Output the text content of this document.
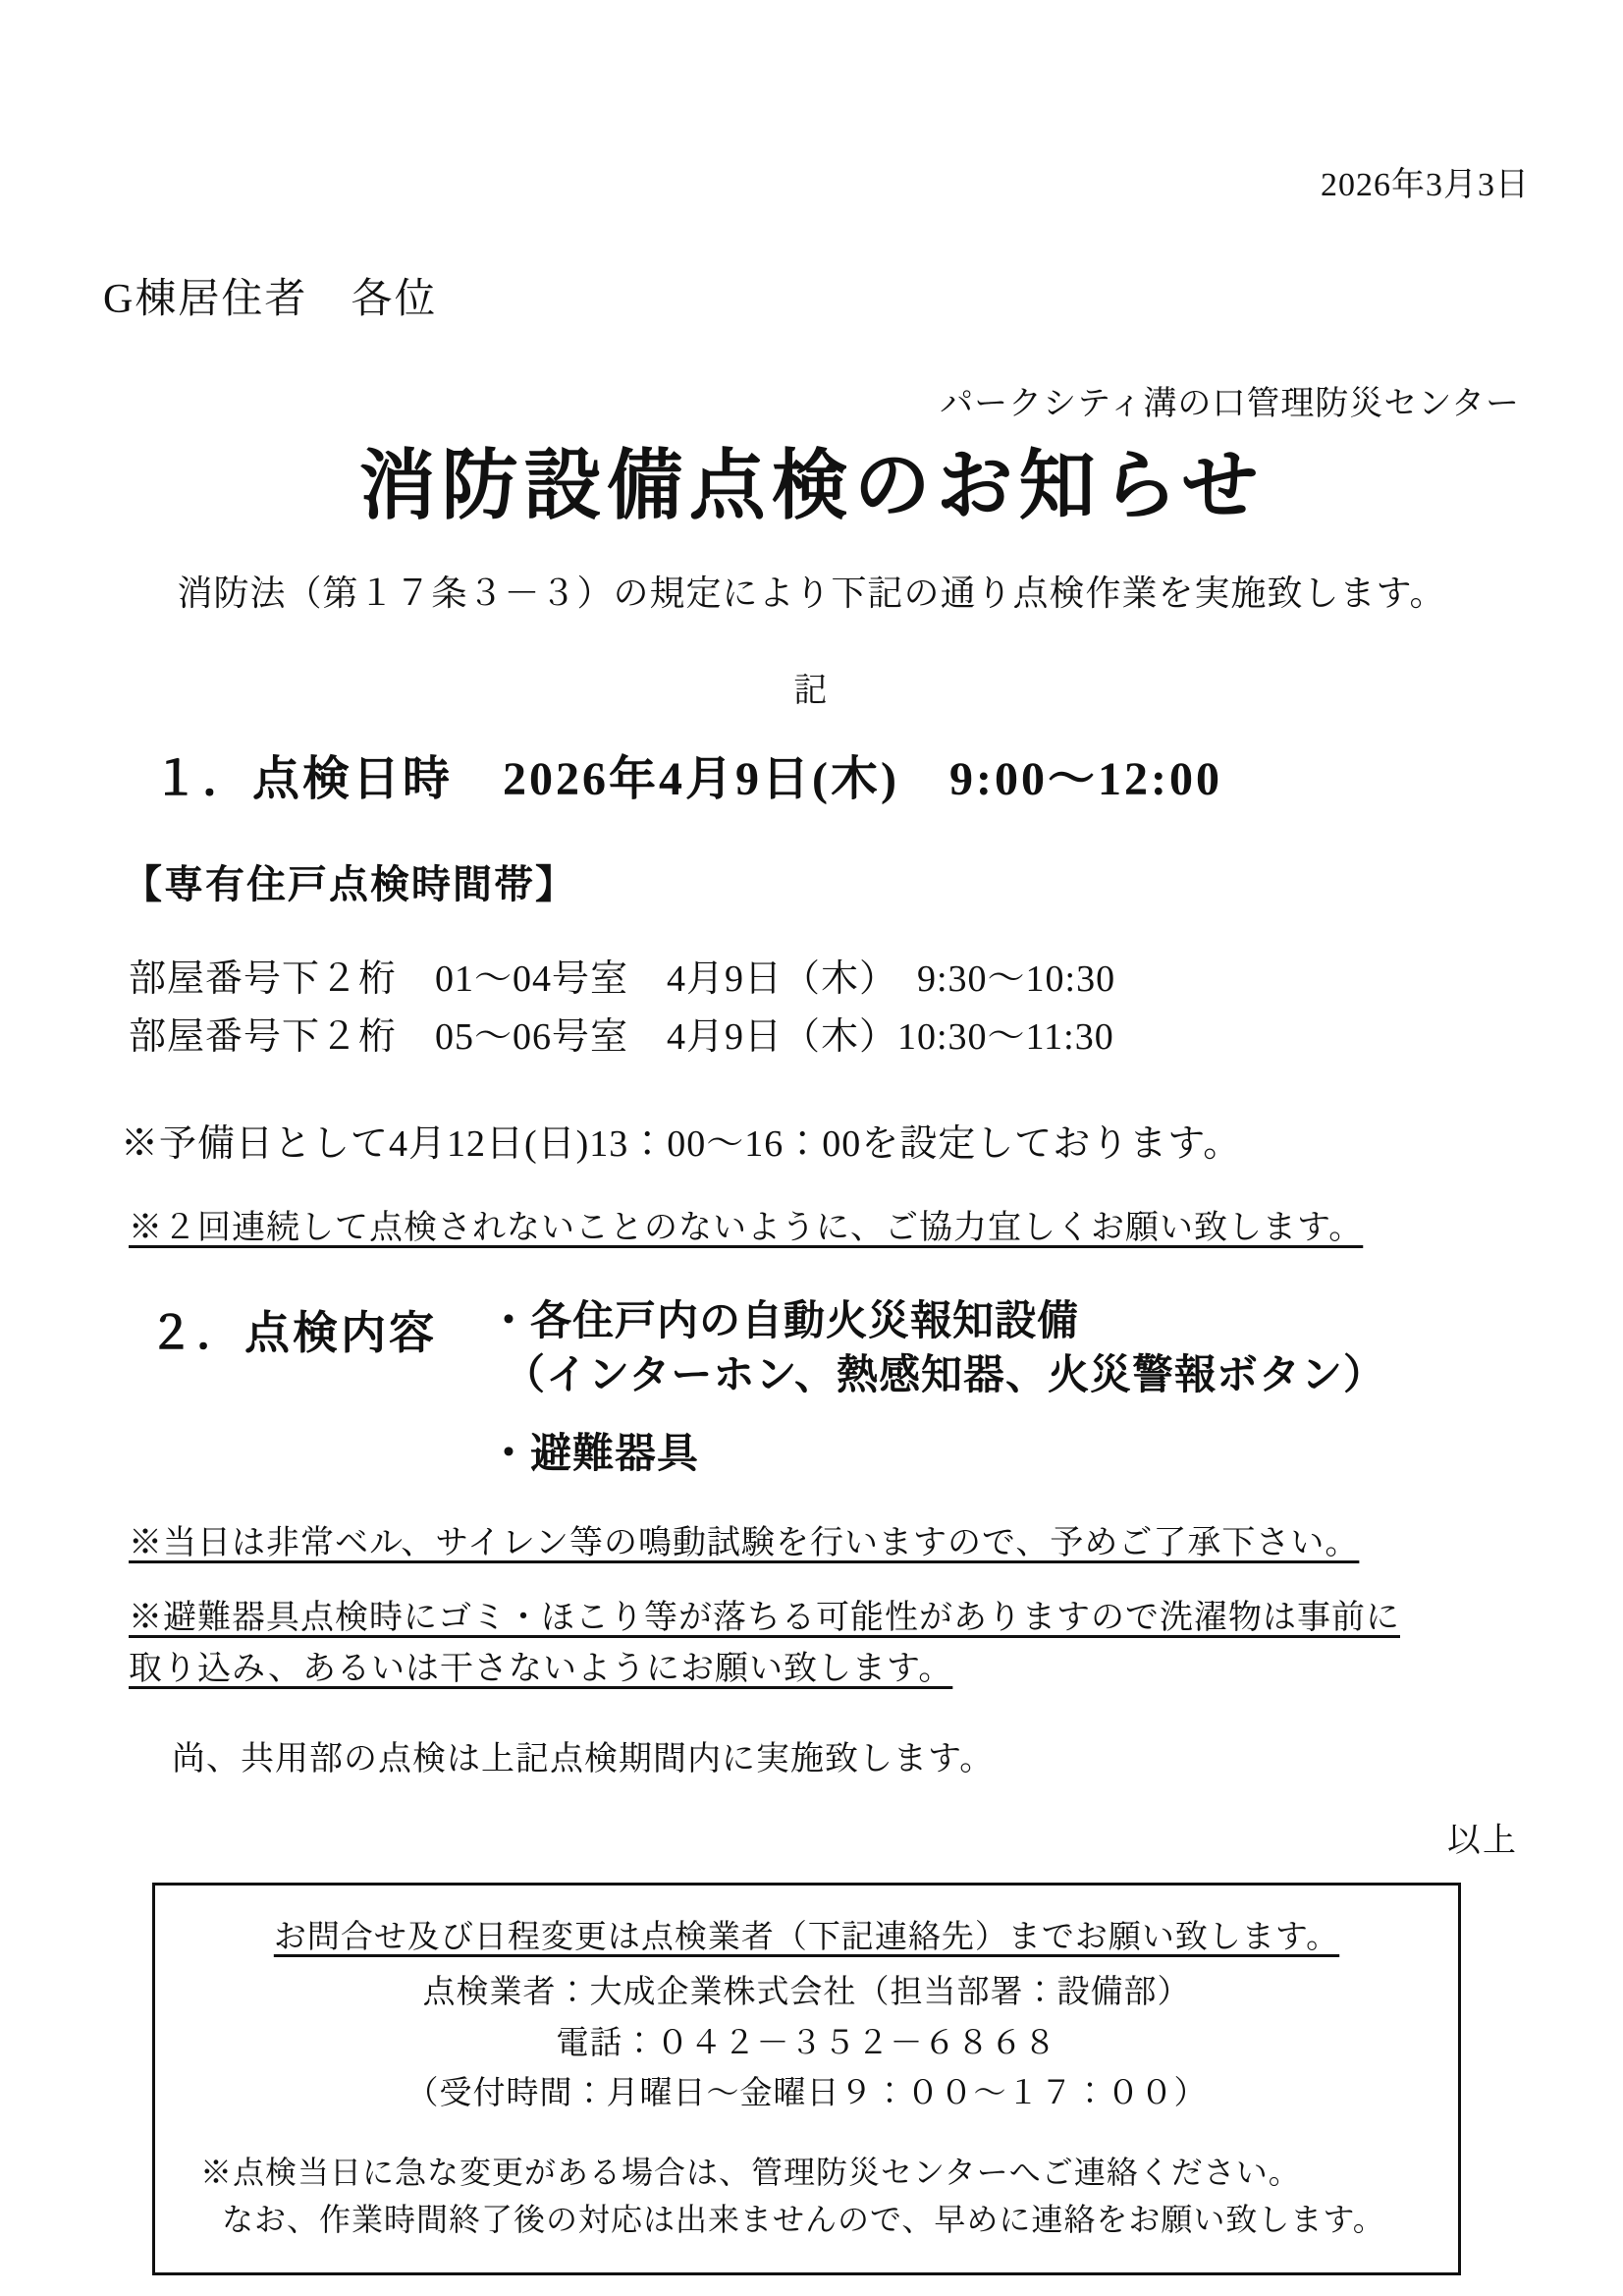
2026年3月3日
G棟居住者　各位
パークシティ溝の口管理防災センター
消防設備点検のお知らせ
消防法（第１７条３－３）の規定により下記の通り点検作業を実施致します。
記
１．点検日時　2026年4月9日(木)　9:00〜12:00
【専有住戸点検時間帯】
部屋番号下２桁　01〜04号室　4月9日（木）　9:30〜10:30
部屋番号下２桁　05〜06号室　4月9日（木）10:30〜11:30
※予備日として4月12日(日)13：00〜16：00を設定しております。
※２回連続して点検されないことのないように、ご協力宜しくお願い致します。
２．点検内容 ・各住戸内の自動火災報知設備
（インターホン、熱感知器、火災警報ボタン）
・避難器具
※当日は非常ベル、サイレン等の鳴動試験を行いますので、予めご了承下さい。
※避難器具点検時にゴミ・ほこり等が落ちる可能性がありますので洗濯物は事前に
取り込み、あるいは干さないようにお願い致します。
尚、共用部の点検は上記点検期間内に実施致します。
以上
お問合せ及び日程変更は点検業者（下記連絡先）までお願い致します。
点検業者：大成企業株式会社（担当部署：設備部）
電話：０４２－３５２－６８６８
（受付時間：月曜日〜金曜日９：００〜１７：００）
※点検当日に急な変更がある場合は、管理防災センターへご連絡ください。
なお、作業時間終了後の対応は出来ませんので、早めに連絡をお願い致します。
